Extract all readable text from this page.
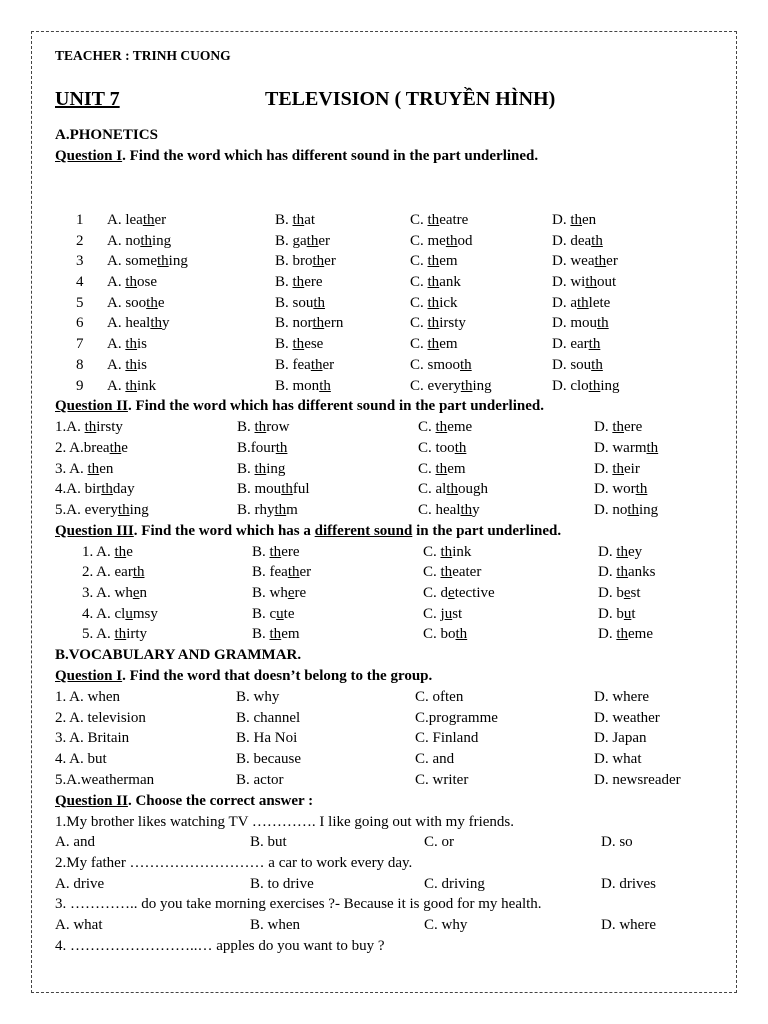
TEACHER : TRINH CUONG
UNIT 7	TELEVISION ( TRUYỀN HÌNH)
A.PHONETICS
Question I. Find the word which has different sound in the part underlined.
1 A. leather	B. that	C. theatre	D. then
2 A. nothing	B. gather	C. method	D. death
3 A. something	B. brother	C. them	D. weather
4 A. those	B. there	C. thank	D. without
5 A. soothe	B. south	C. thick	D. athlete
6 A. healthy	B. northern	C. thirsty	D. mouth
7 A. this	B. these	C. them	D. earth
8 A. this	B. feather	C. smooth	D. south
9 A. think	B. month	C. everything	D. clothing
Question II. Find the word which has different sound in the part underlined.
1.A. thirsty	B. throw	C. theme	D. there
2. A.breathe	B.fourth	C. tooth	D. warmth
3. A. then	B. thing	C. them	D. their
4.A. birthday	B. mouthful	C. although	D. worth
5.A. everything	B. rhythm	C. healthy	D. nothing
Question III. Find the word which has a different sound in the part underlined.
1. A. the	B. there	C. think	D. they
2. A. earth	B. feather	C. theater	D. thanks
3. A. when	B. where	C. detective	D. best
4. A. clumsy	B. cute	C. just	D. but
5. A. thirty	B. them	C. both	D. theme
B.VOCABULARY AND GRAMMAR.
Question I. Find the word that doesn’t belong to the group.
1. A. when	B. why	C. often	D. where
2. A. television	B. channel	C.programme	D. weather
3. A. Britain	B. Ha Noi	C. Finland	D. Japan
4. A. but	B. because	C. and	D. what
5.A.weatherman	B. actor	C. writer	D. newsreader
Question II. Choose the correct answer :
1.My brother likes watching TV …………. I like going out with my friends.
A. and	B. but	C. or	D. so
2.My father ……………………… a car to work every day.
A. drive	B. to drive	C. driving	D. drives
3. ………….. do you take morning exercises ?- Because it is good for my health.
A. what	B. when	C. why	D. where
4. ……………………..… apples do you want to buy ?
